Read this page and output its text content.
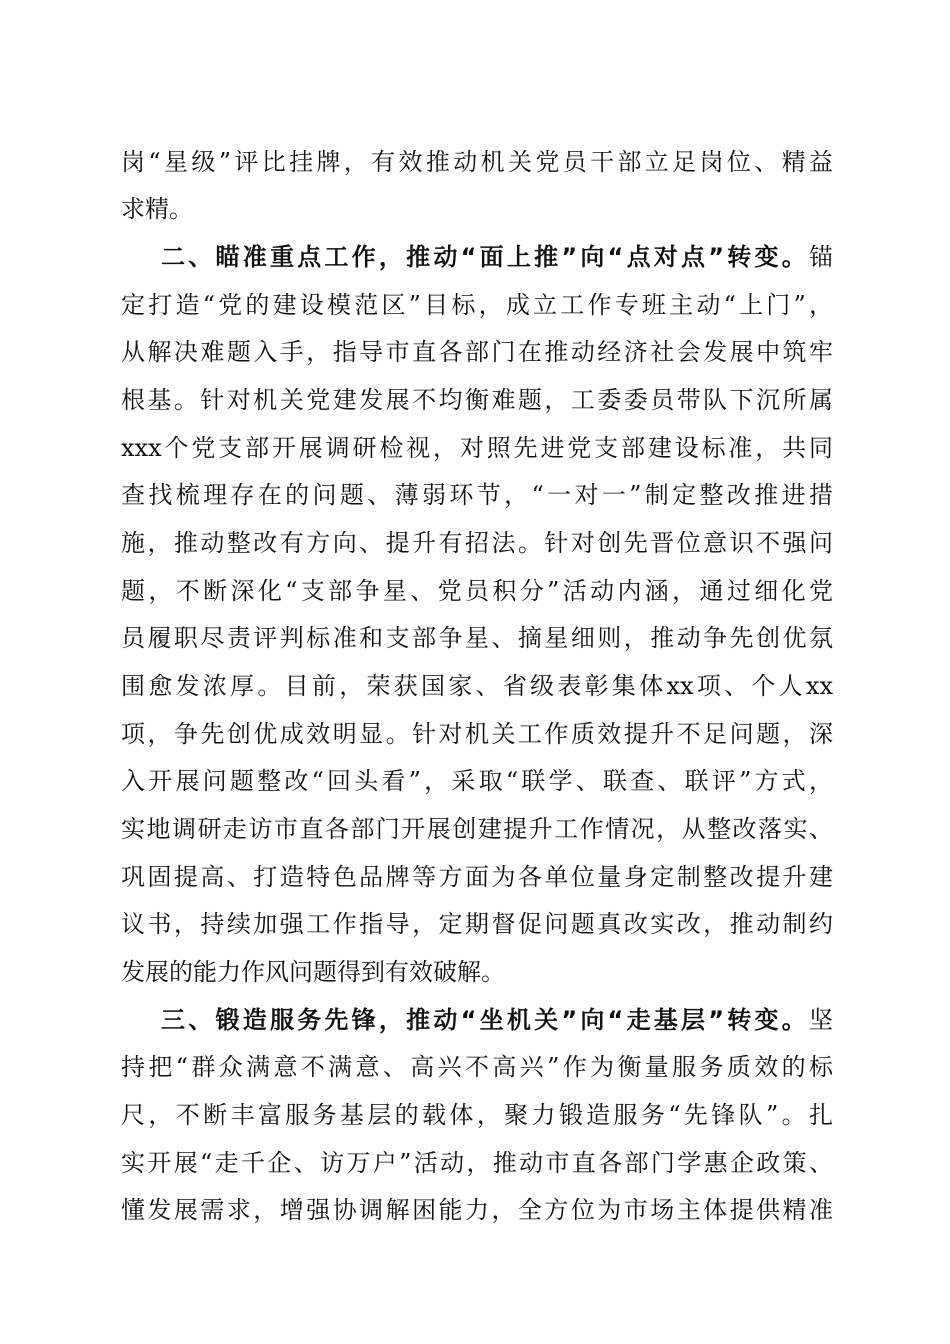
岗“星级”评比挂牌，有效推动机关党员干部立足岗位、精益
求精。
二、瞄准重点工作，推动“面上推”向“点对点”转变。锚
定打造“党的建设模范区”目标，成立工作专班主动“上门”，
从解决难题入手，指导市直各部门在推动经济社会发展中筑牢
根基。针对机关党建发展不均衡难题，工委委员带队下沉所属
xxx个党支部开展调研检视，对照先进党支部建设标准，共同
查找梳理存在的问题、薄弱环节，“一对一”制定整改推进措
施，推动整改有方向、提升有招法。针对创先晋位意识不强问
题，不断深化“支部争星、党员积分”活动内涵，通过细化党
员履职尽责评判标准和支部争星、摘星细则，推动争先创优氛
围愈发浓厚。目前，荣获国家、省级表彰集体xx项、个人xx
项，争先创优成效明显。针对机关工作质效提升不足问题，深
入开展问题整改“回头看”，采取“联学、联查、联评”方式，
实地调研走访市直各部门开展创建提升工作情况，从整改落实、
巩固提高、打造特色品牌等方面为各单位量身定制整改提升建
议书，持续加强工作指导，定期督促问题真改实改，推动制约
发展的能力作风问题得到有效破解。
三、锻造服务先锋，推动“坐机关”向“走基层”转变。坚
持把“群众满意不满意、高兴不高兴”作为衡量服务质效的标
尺，不断丰富服务基层的载体，聚力锻造服务“先锋队”。扎
实开展“走千企、访万户”活动，推动市直各部门学惠企政策、
懂发展需求，增强协调解困能力，全方位为市场主体提供精准
